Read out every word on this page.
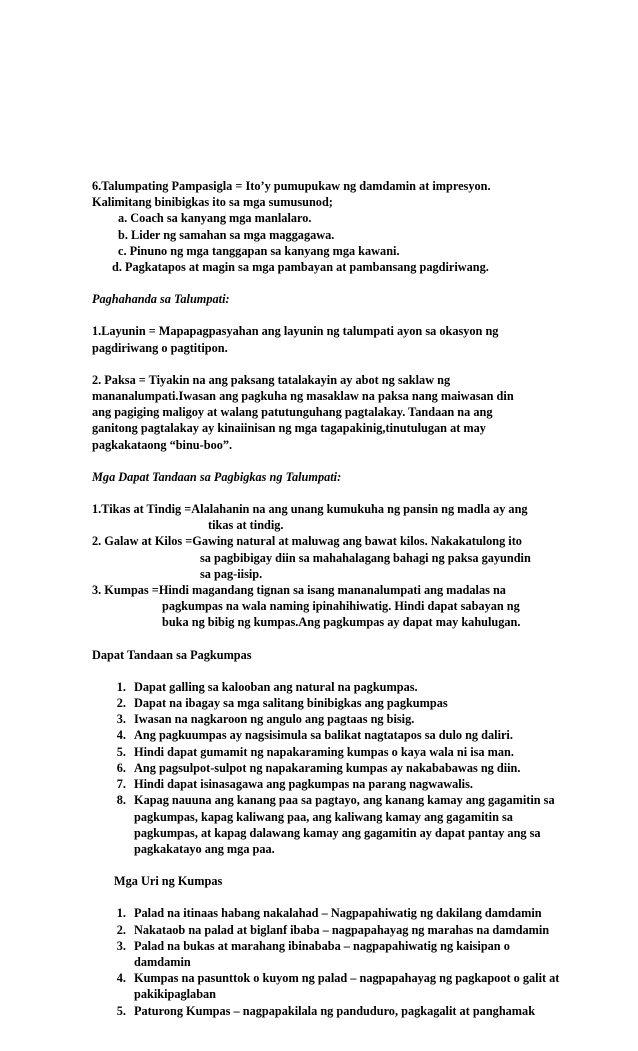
6.Talumpating Pampasigla = Ito’y pumupukaw ng damdamin at impresyon.

Kalimitang binibigkas ito sa mga sumusunod;

a. Coach sa kanyang mga manlalaro.

b. Lider ng samahan sa mga maggagawa.

c. Pinuno ng mga tanggapan sa kanyang mga kawani.

d. Pagkatapos at magin sa mga pambayan at pambansang pagdiriwang.

Paghahanda sa Talumpati:

1.Layunin = Mapapagpasyahan ang layunin ng talumpati ayon sa okasyon ng

pagdiriwang o pagtitipon.

2. Paksa = Tiyakin na ang paksang tatalakayin ay abot ng saklaw ng

mananalumpati.Iwasan ang pagkuha ng masaklaw na paksa nang maiwasan din

ang pagiging maligoy at walang patutunguhang pagtalakay. Tandaan na ang

ganitong pagtalakay ay kinaiinisan ng mga tagapakinig,tinutulugan at may

pagkakataong “binu-boo”.

Mga Dapat Tandaan sa Pagbigkas ng Talumpati:

1.Tikas at Tindig = Alalahanin na ang unang kumukuha ng pansin ng madla ay ang

tikas at tindig.

2. Galaw at Kilos = Gawing natural at maluwag ang bawat kilos. Nakakatulong ito

sa pagbibigay diin sa mahahalagang bahagi ng paksa gayundin

sa pag-iisip.

3. Kumpas = Hindi magandang tignan sa isang mananalumpati ang madalas na

pagkumpas na wala naming ipinahihiwatig. Hindi dapat sabayan ng

buka ng bibig ng kumpas.Ang pagkumpas ay dapat may kahulugan.

Dapat Tandaan sa Pagkumpas

1. Dapat galling sa kalooban ang natural na pagkumpas.
2. Dapat na ibagay sa mga salitang binibigkas ang pagkumpas
3. Iwasan na nagkaroon ng angulo ang pagtaas ng bisig.
4. Ang pagkuumpas ay nagsisimula sa balikat nagtatapos sa dulo ng daliri.
5. Hindi dapat gumamit ng napakaraming kumpas o kaya wala ni isa man.
6. Ang pagsulpot-sulpot ng napakaraming kumpas ay nakababawas ng diin.
7. Hindi dapat isinasagawa ang pagkumpas na parang nagwawalis.
8. Kapag nauuna ang kanang paa sa pagtayo, ang kanang kamay ang gagamitin sa pagkumpas, kapag kaliwang paa, ang kaliwang kamay ang gagamitin sa pagkumpas, at kapag dalawang kamay ang gagamitin ay dapat pantay ang sa pagkakatayo ang mga paa.

Mga Uri ng Kumpas

1. Palad na itinaas habang nakalahad – Nagpapahiwatig ng dakilang damdamin
2. Nakataob na palad at biglanf ibaba – nagpapahayag ng marahas na damdamin
3. Palad na bukas at marahang ibinababa – nagpapahiwatig ng kaisipan o damdamin
4. Kumpas na pasunttok o kuyom ng palad – nagpapahayag ng pagkapoot o galit at pakikipaglaban
5. Paturong Kumpas – nagpapakilala ng panduduro, pagkagalit at panghamak
